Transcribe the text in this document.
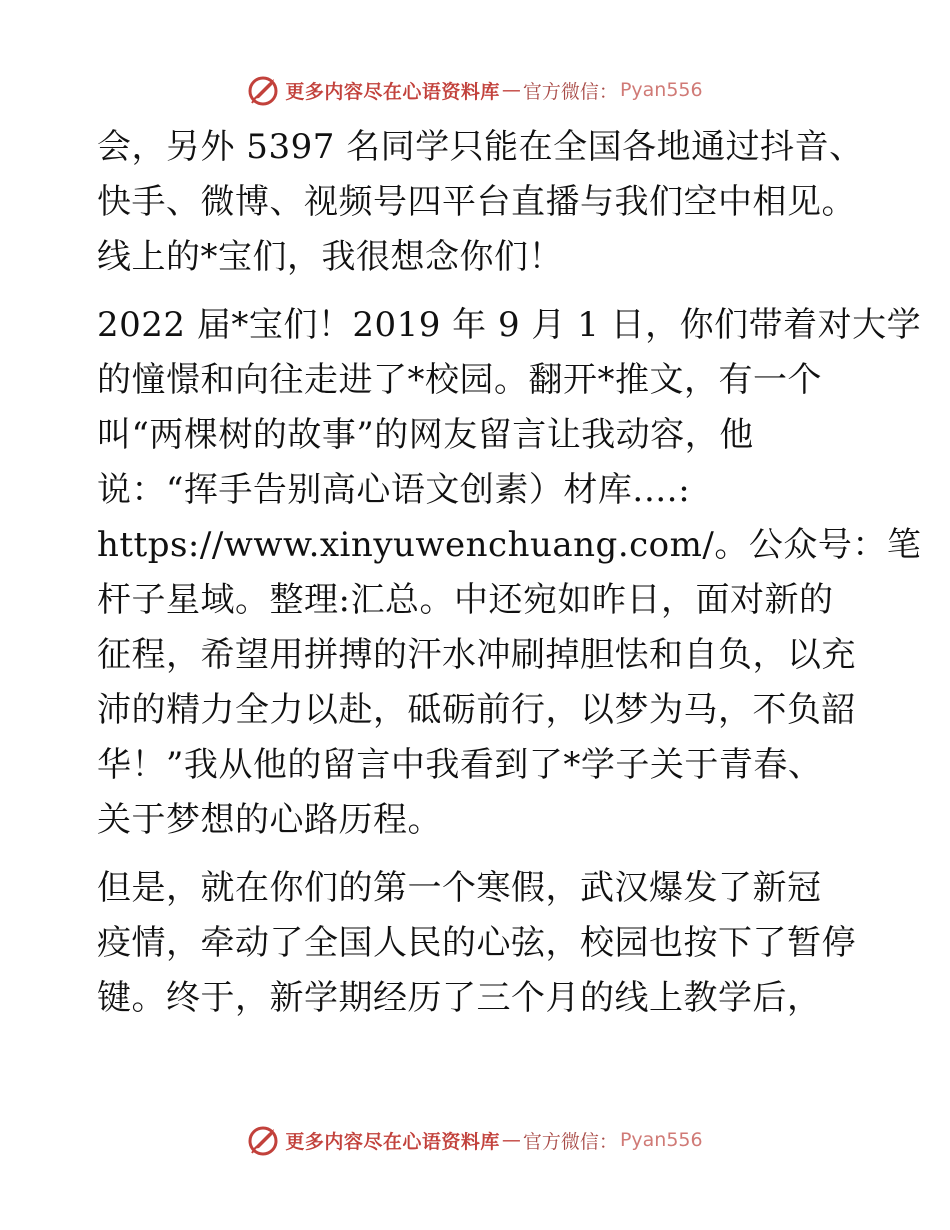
更多内容尽在心语资料库 — 官方微信： Pyan556
会，另外 5397 名同学只能在全国各地通过抖音、
快手、微博、视频号四平台直播与我们空中相见。
线上的*宝们，我很想念你们！
2022 届*宝们！2019 年 9 月 1 日，你们带着对大学
的憧憬和向往走进了*校园。翻开*推文，有一个
叫“两棵树的故事”的网友留言让我动容，他
说：“挥手告别高心语文创素）材库.…:
https://www.xinyuwenchuang.com/。公众号：笔
杆子星域。整理:汇总。中还宛如昨日，面对新的
征程，希望用拼搏的汗水冲刷掉胆怯和自负，以充
沛的精力全力以赴，砥砺前行，以梦为马，不负韶
华！”我从他的留言中我看到了*学子关于青春、
关于梦想的心路历程。
但是，就在你们的第一个寒假，武汉爆发了新冠
疫情，牵动了全国人民的心弦，校园也按下了暂停
键。终于，新学期经历了三个月的线上教学后，
更多内容尽在心语资料库 — 官方微信： Pyan556
